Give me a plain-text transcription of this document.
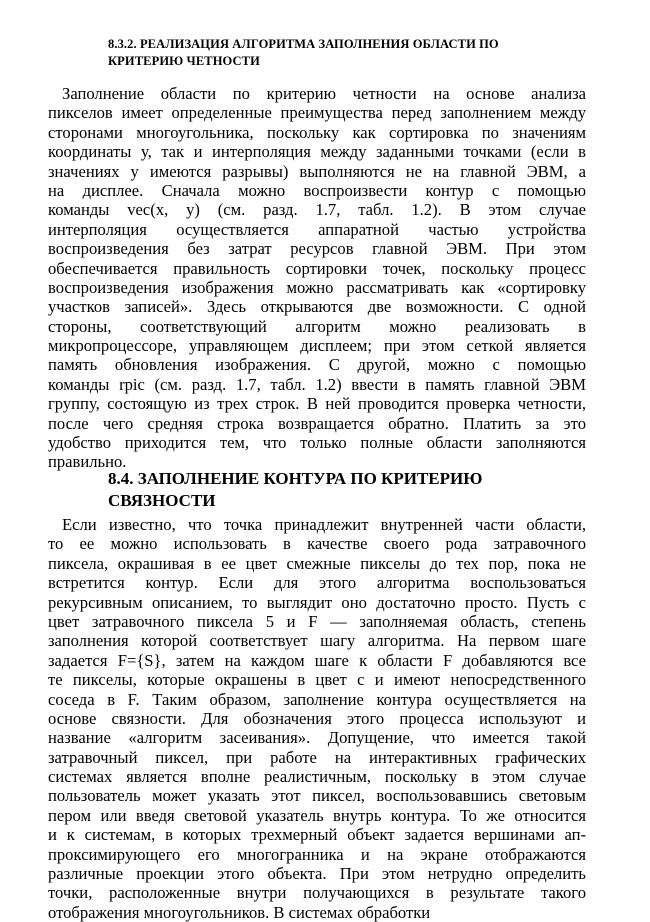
8.3.2. РЕАЛИЗАЦИЯ АЛГОРИТМА ЗАПОЛНЕНИЯ ОБЛАСТИ ПО
КРИТЕРИЮ ЧЕТНОСТИ
Заполнение области по критерию четности на основе анализа
пикселов имеет определенные преимущества перед заполнением между
сторонами многоугольника, поскольку как сортировка по значениям
координаты у, так и интерполяция между заданными точками (если в
значениях у имеются разрывы) выполняются не на главной ЭВМ, а
на дисплее. Сначала можно воспроизвести контур с помощью
команды vec(x, y) (см. разд. 1.7, табл. 1.2). В этом случае
интерполяция осуществляется аппаратной частью устройства
воспроизведения без затрат ресурсов главной ЭВМ. При этом
обеспечивается правильность сортировки точек, поскольку процесс
воспроизведения изображения можно рассматривать как «сортировку
участков записей». Здесь открываются две возможности. С одной
стороны, соответствующий алгоритм можно реализовать в
микропроцессоре, управляющем дисплеем; при этом сеткой является
память обновления изображения. С другой, можно с помощью
команды rpic (см. разд. 1.7, табл. 1.2) ввести в память главной ЭВМ
группу, состоящую из трех строк. В ней проводится проверка четности,
после чего средняя строка возвращается обратно. Платить за это
удобство приходится тем, что только полные области заполняются
правильно.
8.4. ЗАПОЛНЕНИЕ КОНТУРА ПО КРИТЕРИЮ
СВЯЗНОСТИ
Если известно, что точка принадлежит внутренней части области,
то ее можно использовать в качестве своего рода затравочного
пиксела, окрашивая в ее цвет смежные пикселы до тех пор, пока не
встретится контур. Если для этого алгоритма воспользоваться
рекурсивным описанием, то выглядит оно достаточно просто. Пусть с
цвет затравочного пиксела 5 и F — заполняемая область, степень
заполнения которой соответствует шагу алгоритма. На первом шаге
задается F={S}, затем на каждом шаге к области F добавляются все
те пикселы, которые окрашены в цвет с и имеют непосредственного
соседа в F. Таким образом, заполнение контура осуществляется на
основе связности. Для обозначения этого процесса используют и
название «алгоритм засеивания». Допущение, что имеется такой
затравочный пиксел, при работе на интерактивных графических
системах является вполне реалистичным, поскольку в этом случае
пользователь может указать этот пиксел, воспользовавшись световым
пером или введя световой указатель внутрь контура. То же относится
и к системам, в которых трехмерный объект задается вершинами ап-
проксимирующего его многогранника и на экране отображаются
различные проекции этого объекта. При этом нетрудно определить
точки, расположенные внутри получающихся в результате такого
отображения многоугольников. В системах обработки
